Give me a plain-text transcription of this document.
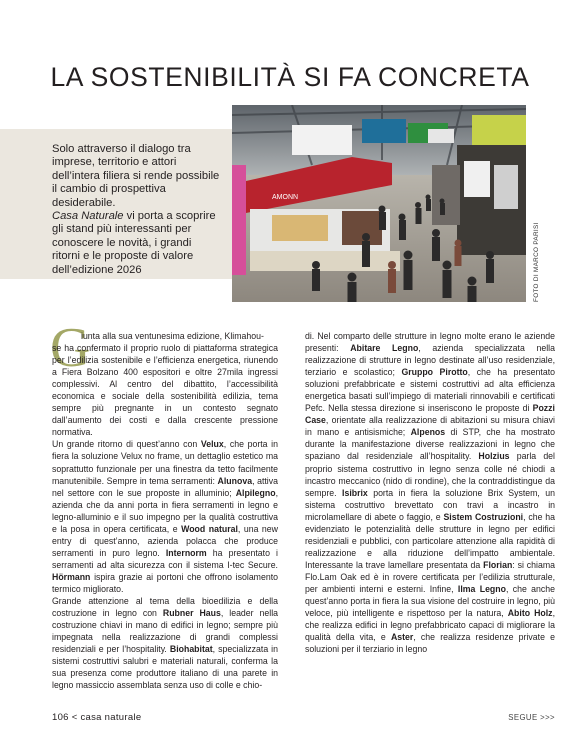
LA SOSTENIBILITÀ SI FA CONCRETA

Solo attraverso il dialogo tra imprese, territorio e attori dell’intera filiera si rende possibile il cambio di prospettiva desiderabile.
Casa Naturale vi porta a scoprire gli stand più interessanti per conoscere le novità, i grandi ritorni e le proposte di valore dell’edizione 2026

AMONN
FOTO DI MARCO PARISI
G

iunta alla sua ventunesima edizione, Klimahou-

se ha confermato il proprio ruolo di piattaforma strategica per l’edilizia sostenibile e l’efficienza energetica, riunendo a Fiera Bolzano 400 espositori e oltre 27mila ingressi complessivi. Al centro del dibattito, l’accessibilità economica e sociale della sostenibilità edilizia, tema sempre più pregnante in un contesto segnato dall’aumento dei costi e dalla crescente pressione normativa.

Un grande ritorno di quest’anno con Velux, che porta in fiera la soluzione Velux no frame, un dettaglio estetico ma soprattutto funzionale per una finestra da tetto facilmente manutenibile. Sempre in tema serramenti: Alunova, attiva nel settore con le sue proposte in alluminio; Alpilegno, azienda che da anni porta in fiera serramenti in legno e legno-alluminio e il suo impegno per la qualità costruttiva e la posa in opera certificata, e Wood natural, una new entry di quest’anno, azienda polacca che produce serramenti in puro legno. Internorm ha presentato i serramenti ad alta sicurezza con il sistema I-tec Secure. Hörmann ispira grazie ai portoni che offrono isolamento termico migliorato.

Grande attenzione al tema della bioedilizia e della costruzione in legno con Rubner Haus, leader nella costruzione chiavi in mano di edifici in legno; sempre più impegnata nella realizzazione di grandi complessi residenziali e per l’hospitality. Biohabitat, specializzata in sistemi costruttivi salubri e materiali naturali, conferma la sua presenza come produttore italiano di una parete in legno massiccio assemblata senza uso di colle e chio-

di. Nel comparto delle strutture in legno molte erano le aziende presenti: Abitare Legno, azienda specializzata nella realizzazione di strutture in legno destinate all’uso residenziale, terziario e scolastico; Gruppo Pirotto, che ha presentato soluzioni prefabbricate e sistemi costruttivi ad alta efficienza energetica basati sull’impiego di materiali rinnovabili e certificati Pefc. Nella stessa direzione si inseriscono le proposte di Pozzi Case, orientate alla realizzazione di abitazioni su misura chiavi in mano e antisismiche; Alpenos di STP, che ha mostrato durante la manifestazione diverse realizzazioni in legno che spaziano dal residenziale all’hospitality. Holzius parla del proprio sistema costruttivo in legno senza colle né chiodi a incastro meccanico (nido di rondine), che la contraddistingue da sempre. Isibrix porta in fiera la soluzione Brix System, un sistema costruttivo brevettato con travi a incastro in microlamellare di abete o faggio, e Sistem Costruzioni, che ha evidenziato le potenzialità delle strutture in legno per edifici residenziali e pubblici, con particolare attenzione alla rapidità di realizzazione e alla riduzione dell’impatto ambientale. Interessante la trave lamellare presentata da Florian: si chiama Flo.Lam Oak ed è in rovere certificata per l’edilizia strutturale, per ambienti interni e esterni. Infine, Ilma Legno, che anche quest’anno porta in fiera la sua visione del costruire in legno, più veloce, più intelligente e rispettoso per la natura, Abito Holz, che realizza edifici in legno prefabbricato capaci di migliorare la qualità della vita, e Aster, che realizza residenze private e soluzioni per il terziario in legno

106 < casa naturale	SEGUE >>>
